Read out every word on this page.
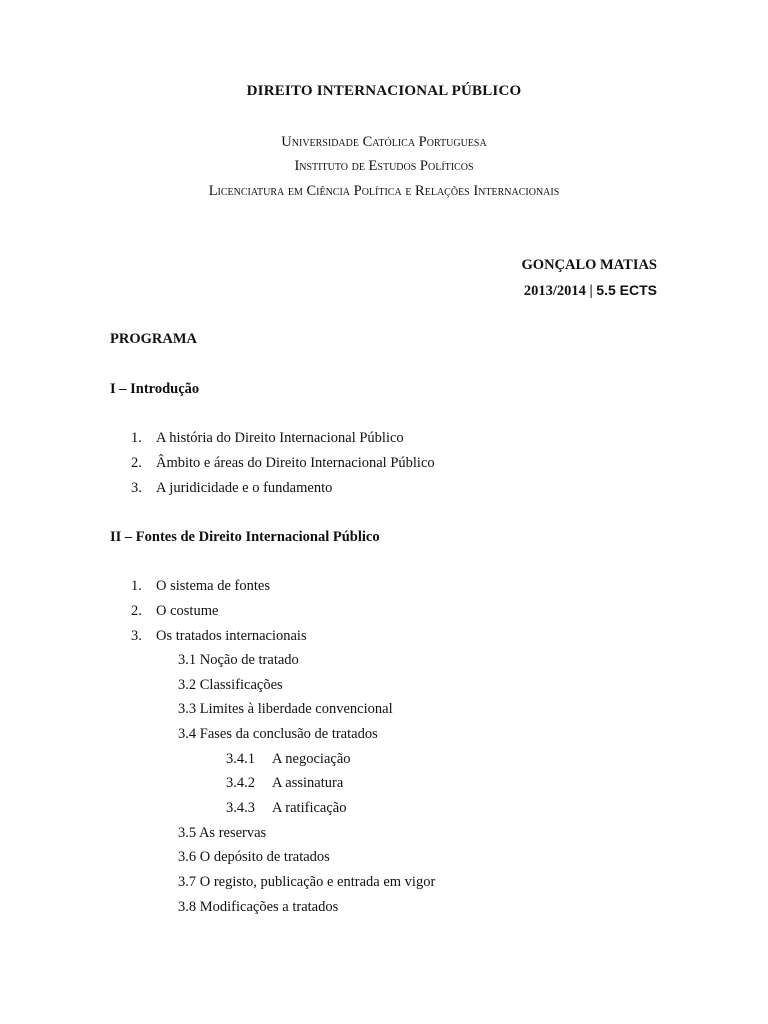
DIREITO INTERNACIONAL PÚBLICO
Universidade Católica Portuguesa
Instituto de Estudos Políticos
Licenciatura em Ciência Política e Relações Internacionais
GONÇALO MATIAS
2013/2014 | 5.5 ECTS
PROGRAMA
I – Introdução
1. A história do Direito Internacional Público
2. Âmbito e áreas do Direito Internacional Público
3. A juridicidade e o fundamento
II – Fontes de Direito Internacional Público
1. O sistema de fontes
2. O costume
3. Os tratados internacionais
3.1 Noção de tratado
3.2 Classificações
3.3 Limites à liberdade convencional
3.4 Fases da conclusão de tratados
3.4.1 A negociação
3.4.2 A assinatura
3.4.3 A ratificação
3.5 As reservas
3.6 O depósito de tratados
3.7 O registo, publicação e entrada em vigor
3.8 Modificações a tratados
